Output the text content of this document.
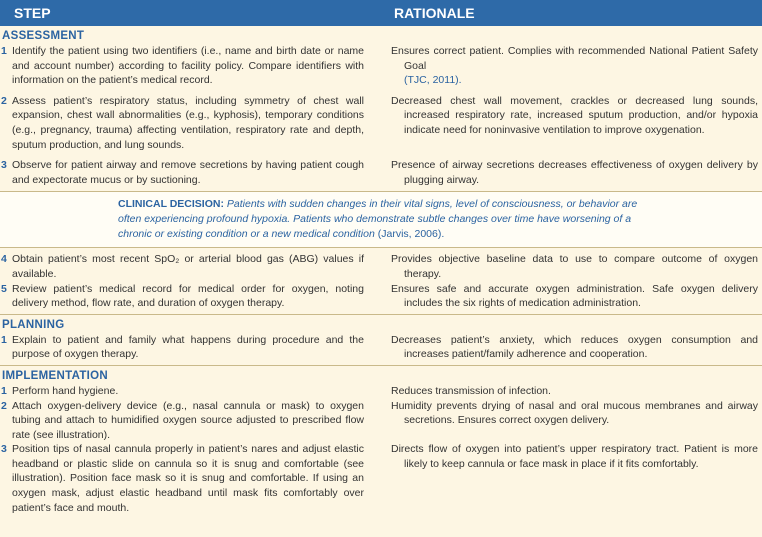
STEP	RATIONALE
ASSESSMENT
1 Identify the patient using two identifiers (i.e., name and birth date or name and account number) according to facility policy. Compare identifiers with information on the patient’s medical record.
Ensures correct patient. Complies with recommended National Patient Safety Goal
(TJC, 2011).
2 Assess patient’s respiratory status, including symmetry of chest wall expansion, chest wall abnormalities (e.g., kyphosis), temporary conditions (e.g., pregnancy, trauma) affecting ventilation, respiratory rate and depth, sputum production, and lung sounds.
Decreased chest wall movement, crackles or decreased lung sounds, increased respiratory rate, increased sputum production, and/or hypoxia indicate need for noninvasive ventilation to improve oxygenation.
3 Observe for patient airway and remove secretions by having patient cough and expectorate mucus or by suctioning.
Presence of airway secretions decreases effectiveness of oxygen delivery by plugging airway.
CLINICAL DECISION: Patients with sudden changes in their vital signs, level of consciousness, or behavior are often experiencing profound hypoxia. Patients who demonstrate subtle changes over time have worsening of a chronic or existing condition or a new medical condition (Jarvis, 2006).
4 Obtain patient’s most recent SpO₂ or arterial blood gas (ABG) values if available.
Provides objective baseline data to use to compare outcome of oxygen therapy.
5 Review patient’s medical record for medical order for oxygen, noting delivery method, flow rate, and duration of oxygen therapy.
Ensures safe and accurate oxygen administration. Safe oxygen delivery includes the six rights of medication administration.
PLANNING
1 Explain to patient and family what happens during procedure and the purpose of oxygen therapy.
Decreases patient’s anxiety, which reduces oxygen consumption and increases patient/family adherence and cooperation.
IMPLEMENTATION
1 Perform hand hygiene.	Reduces transmission of infection.
2 Attach oxygen-delivery device (e.g., nasal cannula or mask) to oxygen tubing and attach to humidified oxygen source adjusted to prescribed flow rate (see illustration).
Humidity prevents drying of nasal and oral mucous membranes and airway secretions. Ensures correct oxygen delivery.
3 Position tips of nasal cannula properly in patient’s nares and adjust elastic headband or plastic slide on cannula so it is snug and comfortable (see illustration). Position face mask so it is snug and comfortable. If using an oxygen mask, adjust elastic headband until mask fits comfortably over patient’s face and mouth.
Directs flow of oxygen into patient’s upper respiratory tract. Patient is more likely to keep cannula or face mask in place if it fits comfortably.
